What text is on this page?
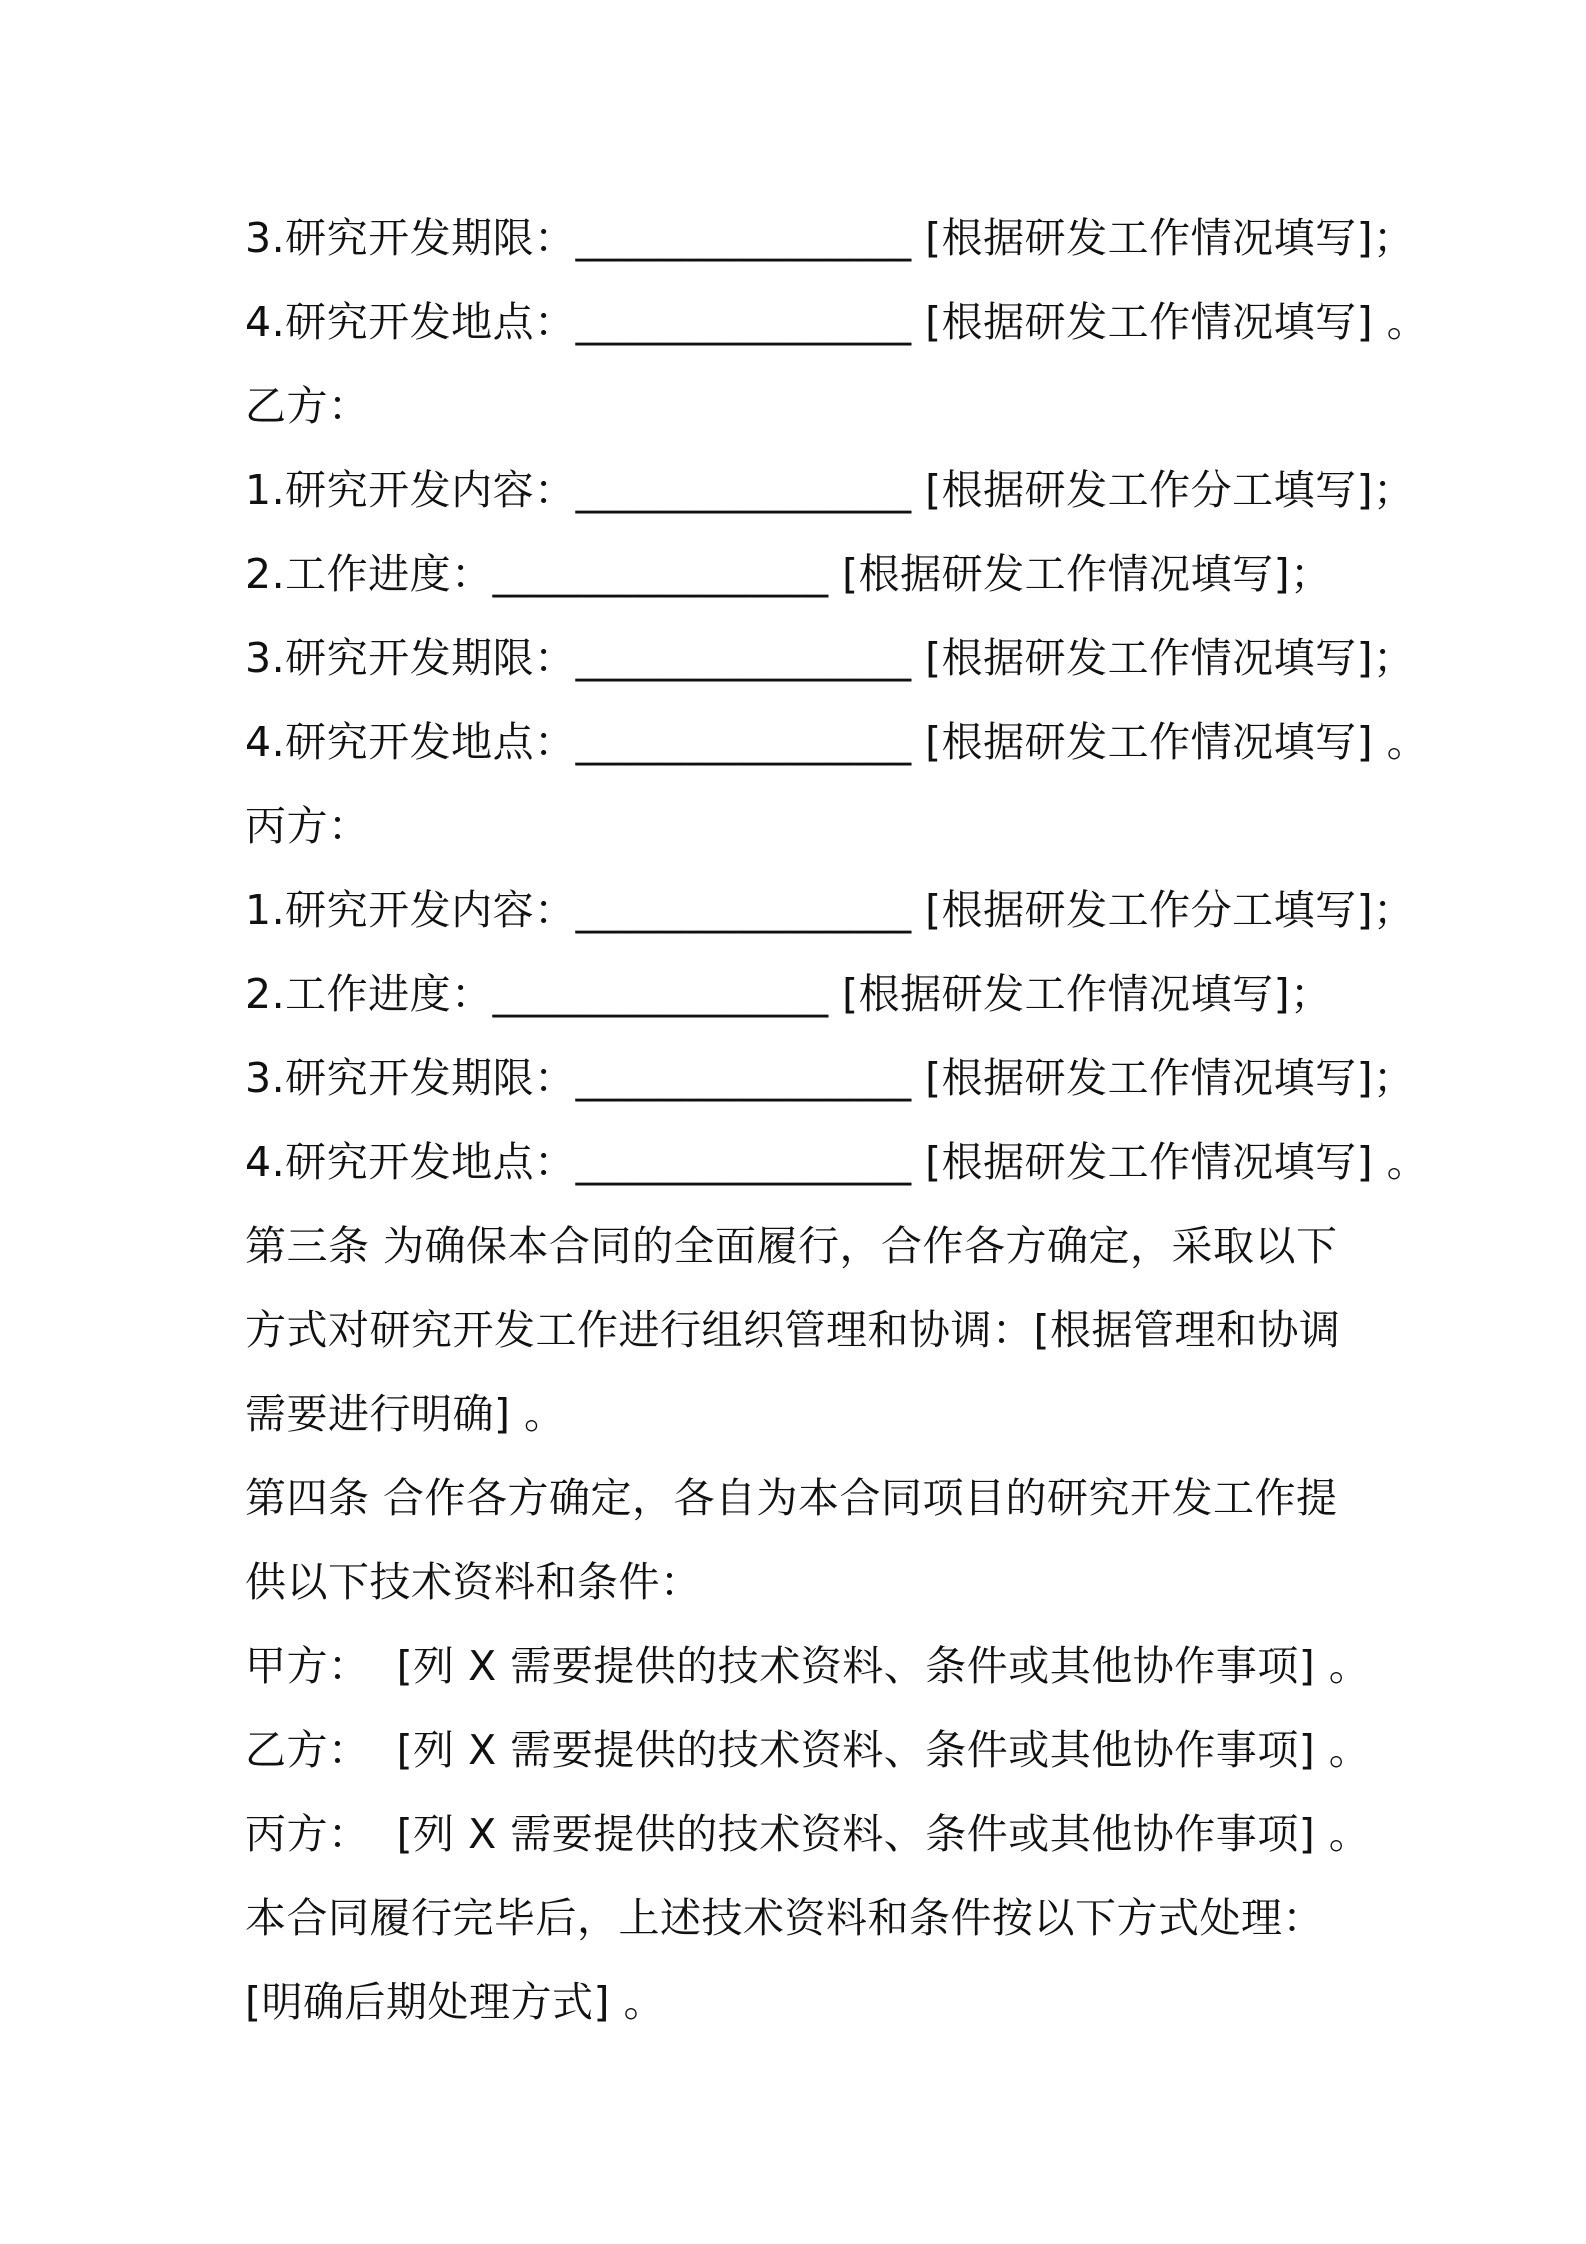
3.研究开发期限：________________ [根据研发工作情况填写]；
4.研究开发地点：________________ [根据研发工作情况填写] 。
乙方：
1.研究开发内容：________________ [根据研发工作分工填写]；
2.工作进度：________________ [根据研发工作情况填写]；
3.研究开发期限：________________ [根据研发工作情况填写]；
4.研究开发地点：________________ [根据研发工作情况填写] 。
丙方：
1.研究开发内容：________________ [根据研发工作分工填写]；
2.工作进度：________________ [根据研发工作情况填写]；
3.研究开发期限：________________ [根据研发工作情况填写]；
4.研究开发地点：________________ [根据研发工作情况填写] 。
第三条 为确保本合同的全面履行，合作各方确定，采取以下方式对研究开发工作进行组织管理和协调：[根据管理和协调需要进行明确] 。
第四条 合作各方确定，各自为本合同项目的研究开发工作提供以下技术资料和条件：
甲方：  [列 X 需要提供的技术资料、条件或其他协作事项] 。
乙方：  [列 X 需要提供的技术资料、条件或其他协作事项] 。
丙方：  [列 X 需要提供的技术资料、条件或其他协作事项] 。
本合同履行完毕后，上述技术资料和条件按以下方式处理：
[明确后期处理方式] 。
